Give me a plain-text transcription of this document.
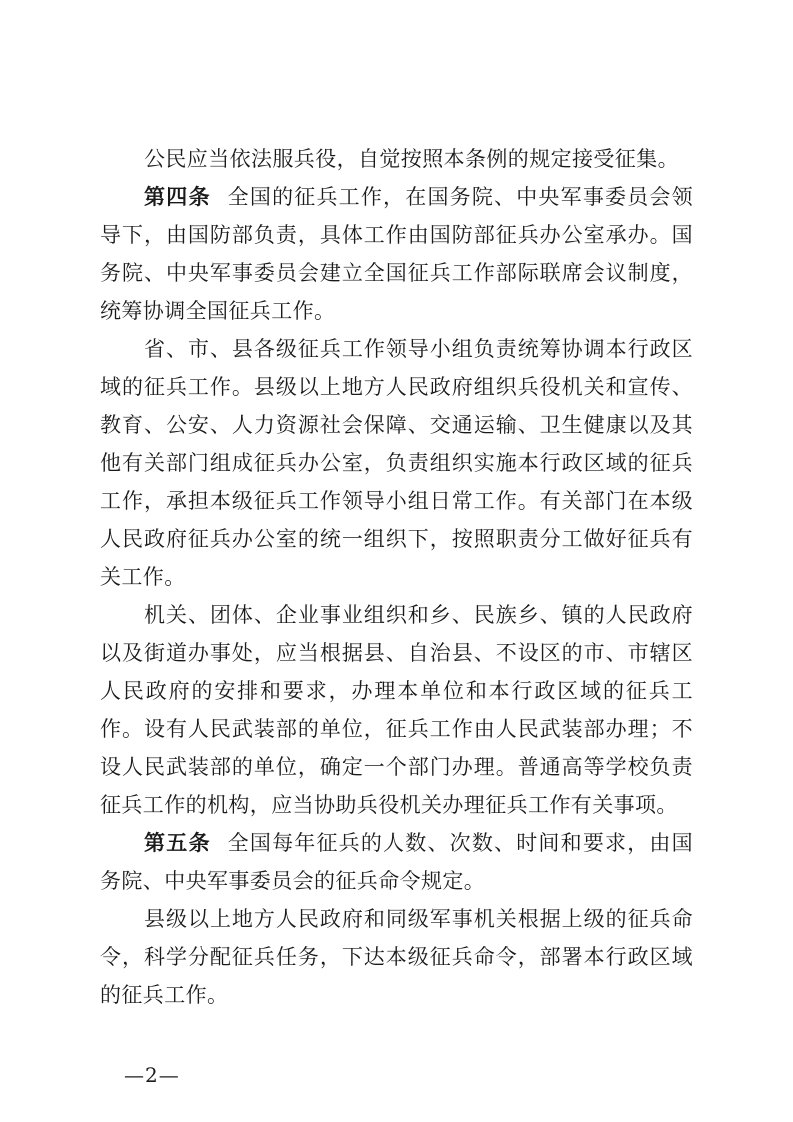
公民应当依法服兵役，自觉按照本条例的规定接受征集。

第四条 全国的征兵工作，在国务院、中央军事委员会领导下，由国防部负责，具体工作由国防部征兵办公室承办。国务院、中央军事委员会建立全国征兵工作部际联席会议制度，统筹协调全国征兵工作。

省、市、县各级征兵工作领导小组负责统筹协调本行政区域的征兵工作。县级以上地方人民政府组织兵役机关和宣传、教育、公安、人力资源社会保障、交通运输、卫生健康以及其他有关部门组成征兵办公室，负责组织实施本行政区域的征兵工作，承担本级征兵工作领导小组日常工作。有关部门在本级人民政府征兵办公室的统一组织下，按照职责分工做好征兵有关工作。

机关、团体、企业事业组织和乡、民族乡、镇的人民政府以及街道办事处，应当根据县、自治县、不设区的市、市辖区人民政府的安排和要求，办理本单位和本行政区域的征兵工作。设有人民武装部的单位，征兵工作由人民武装部办理；不设人民武装部的单位，确定一个部门办理。普通高等学校负责征兵工作的机构，应当协助兵役机关办理征兵工作有关事项。

第五条 全国每年征兵的人数、次数、时间和要求，由国务院、中央军事委员会的征兵命令规定。

县级以上地方人民政府和同级军事机关根据上级的征兵命令，科学分配征兵任务，下达本级征兵命令，部署本行政区域的征兵工作。

—2—
